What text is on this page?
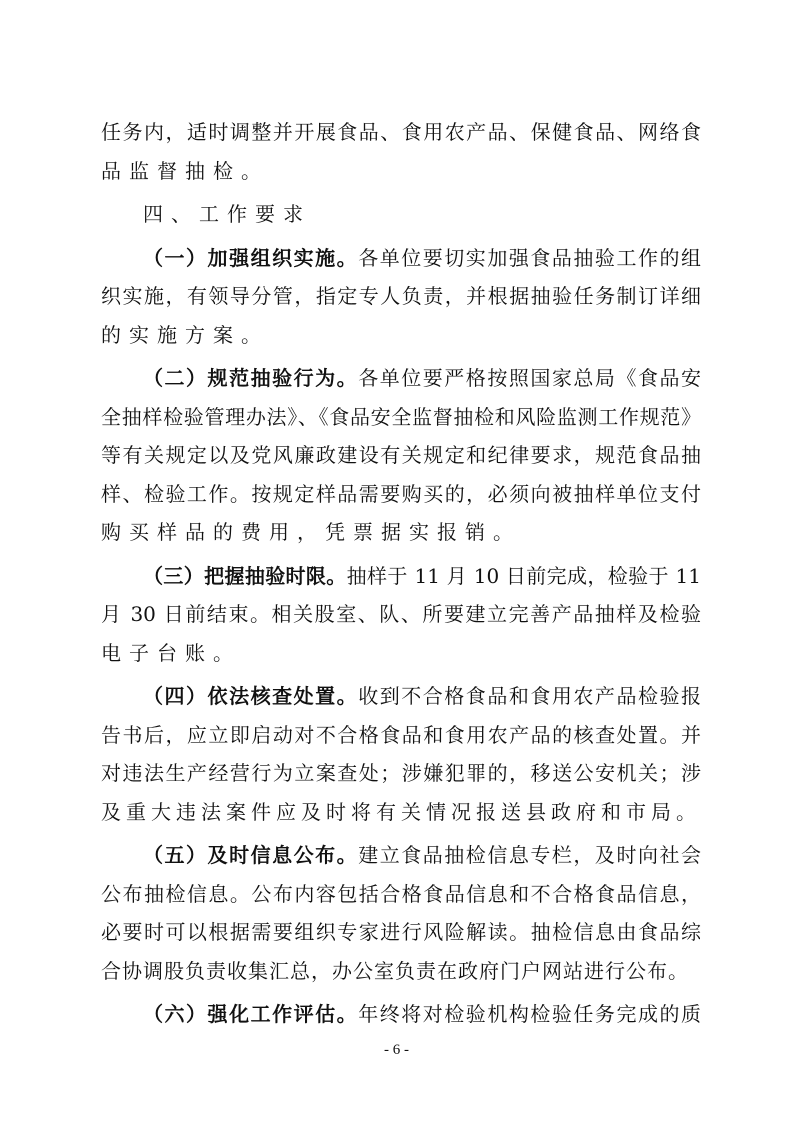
任务内，适时调整并开展食品、食用农产品、保健食品、网络食
品监督抽检。
四、工作要求
（一）加强组织实施。各单位要切实加强食品抽验工作的组
织实施，有领导分管，指定专人负责，并根据抽验任务制订详细
的实施方案。
（二）规范抽验行为。各单位要严格按照国家总局《食品安
全抽样检验管理办法》、《食品安全监督抽检和风险监测工作规范》
等有关规定以及党风廉政建设有关规定和纪律要求，规范食品抽
样、检验工作。按规定样品需要购买的，必须向被抽样单位支付
购买样品的费用，凭票据实报销。
（三）把握抽验时限。抽样于 11 月 10 日前完成，检验于 11
月 30 日前结束。相关股室、队、所要建立完善产品抽样及检验
电子台账。
（四）依法核查处置。收到不合格食品和食用农产品检验报
告书后，应立即启动对不合格食品和食用农产品的核查处置。并
对违法生产经营行为立案查处；涉嫌犯罪的，移送公安机关；涉
及重大违法案件应及时将有关情况报送县政府和市局。
（五）及时信息公布。建立食品抽检信息专栏，及时向社会
公布抽检信息。公布内容包括合格食品信息和不合格食品信息，
必要时可以根据需要组织专家进行风险解读。抽检信息由食品综
合协调股负责收集汇总，办公室负责在政府门户网站进行公布。
（六）强化工作评估。年终将对检验机构检验任务完成的质
- 6 -
